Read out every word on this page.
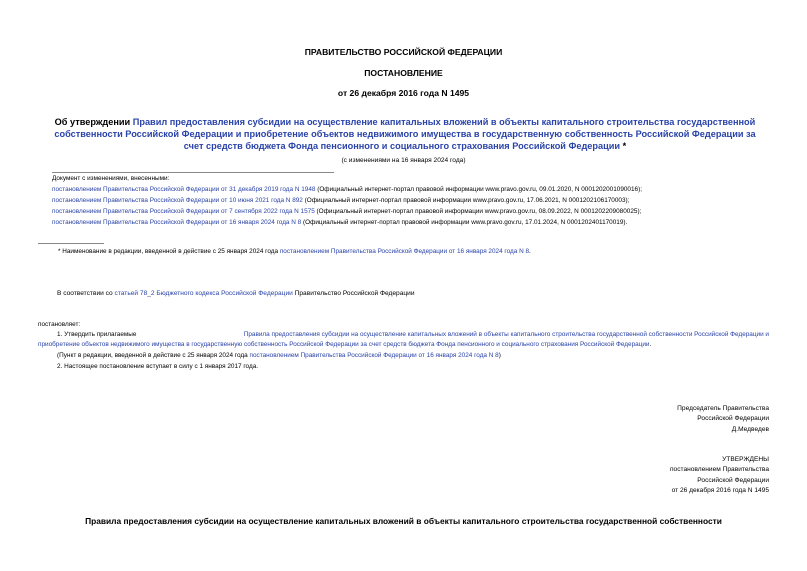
ПРАВИТЕЛЬСТВО РОССИЙСКОЙ ФЕДЕРАЦИИ
ПОСТАНОВЛЕНИЕ
от 26 декабря 2016 года N 1495
Об утверждении Правил предоставления субсидии на осуществление капитальных вложений в объекты капитального строительства государственной собственности Российской Федерации и приобретение объектов недвижимого имущества в государственную собственность Российской Федерации за счет средств бюджета Фонда пенсионного и социального страхования Российской Федерации *
(с изменениями на 16 января 2024 года)
Документ с изменениями, внесенными:
постановлением Правительства Российской Федерации от 31 декабря 2019 года N 1948 (Официальный интернет-портал правовой информации www.pravo.gov.ru, 09.01.2020, N 0001202001090016);
постановлением Правительства Российской Федерации от 10 июня 2021 года N 892 (Официальный интернет-портал правовой информации www.pravo.gov.ru, 17.06.2021, N 0001202106170003);
постановлением Правительства Российской Федерации от 7 сентября 2022 года N 1575 (Официальный интернет-портал правовой информации www.pravo.gov.ru, 08.09.2022, N 0001202209080025);
постановлением Правительства Российской Федерации от 16 января 2024 года N 8 (Официальный интернет-портал правовой информации www.pravo.gov.ru, 17.01.2024, N 0001202401170019).
* Наименование в редакции, введенной в действие с 25 января 2024 года постановлением Правительства Российской Федерации от 16 января 2024 года N 8.
В соответствии со статьей 78_2 Бюджетного кодекса Российской Федерации Правительство Российской Федерации
постановляет:
1. Утвердить прилагаемые	Правила предоставления субсидии на осуществление капитальных вложений в объекты капитального строительства государственной собственности Российской Федерации и
приобретение объектов недвижимого имущества в государственную собственность Российской Федерации за счет средств бюджета Фонда пенсионного и социального страхования Российской Федерации.
(Пункт в редакции, введенной в действие с 25 января 2024 года постановлением Правительства Российской Федерации от 16 января 2024 года N 8)
2. Настоящее постановление вступает в силу с 1 января 2017 года.
Председатель Правительства
Российской Федерации
Д.Медведев
УТВЕРЖДЕНЫ
постановлением Правительства
Российской Федерации
от 26 декабря 2016 года N 1495
Правила предоставления субсидии на осуществление капитальных вложений в объекты капитального строительства государственной собственности
